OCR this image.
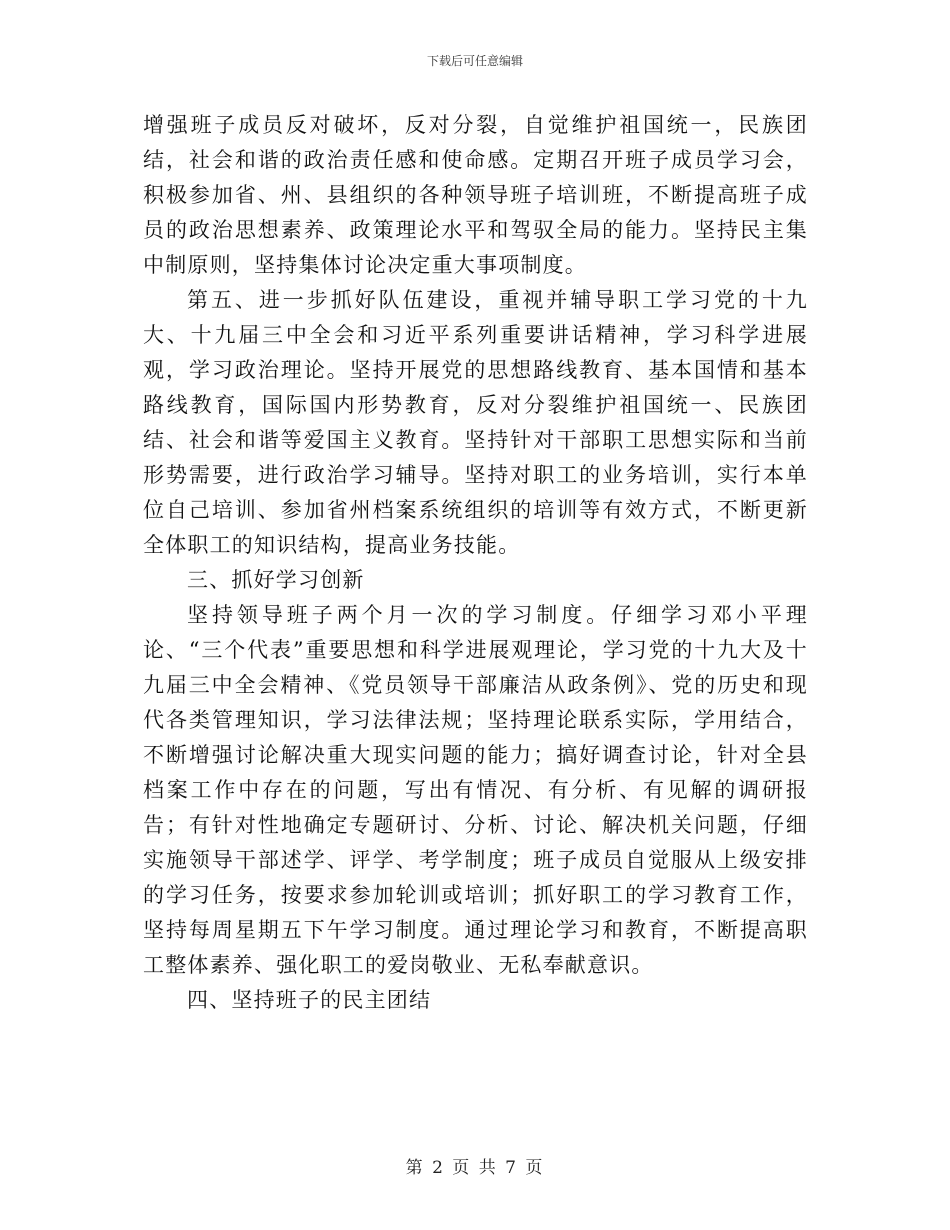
下载后可任意编辑

增强班子成员反对破坏，反对分裂，自觉维护祖国统一，民族团结，社会和谐的政治责任感和使命感。定期召开班子成员学习会，积极参加省、州、县组织的各种领导班子培训班，不断提高班子成员的政治思想素养、政策理论水平和驾驭全局的能力。坚持民主集中制原则，坚持集体讨论决定重大事项制度。

第五、进一步抓好队伍建设，重视并辅导职工学习党的十九大、十九届三中全会和习近平系列重要讲话精神，学习科学进展观，学习政治理论。坚持开展党的思想路线教育、基本国情和基本路线教育，国际国内形势教育，反对分裂维护祖国统一、民族团结、社会和谐等爱国主义教育。坚持针对干部职工思想实际和当前形势需要，进行政治学习辅导。坚持对职工的业务培训，实行本单位自己培训、参加省州档案系统组织的培训等有效方式，不断更新全体职工的知识结构，提高业务技能。

三、抓好学习创新

坚持领导班子两个月一次的学习制度。仔细学习邓小平理论、“三个代表”重要思想和科学进展观理论，学习党的十九大及十九届三中全会精神、《党员领导干部廉洁从政条例》、党的历史和现代各类管理知识，学习法律法规；坚持理论联系实际，学用结合，不断增强讨论解决重大现实问题的能力；搞好调查讨论，针对全县档案工作中存在的问题，写出有情况、有分析、有见解的调研报告；有针对性地确定专题研讨、分析、讨论、解决机关问题，仔细实施领导干部述学、评学、考学制度；班子成员自觉服从上级安排的学习任务，按要求参加轮训或培训；抓好职工的学习教育工作，坚持每周星期五下午学习制度。通过理论学习和教育，不断提高职工整体素养、强化职工的爱岗敬业、无私奉献意识。

四、坚持班子的民主团结

第 2 页 共 7 页
